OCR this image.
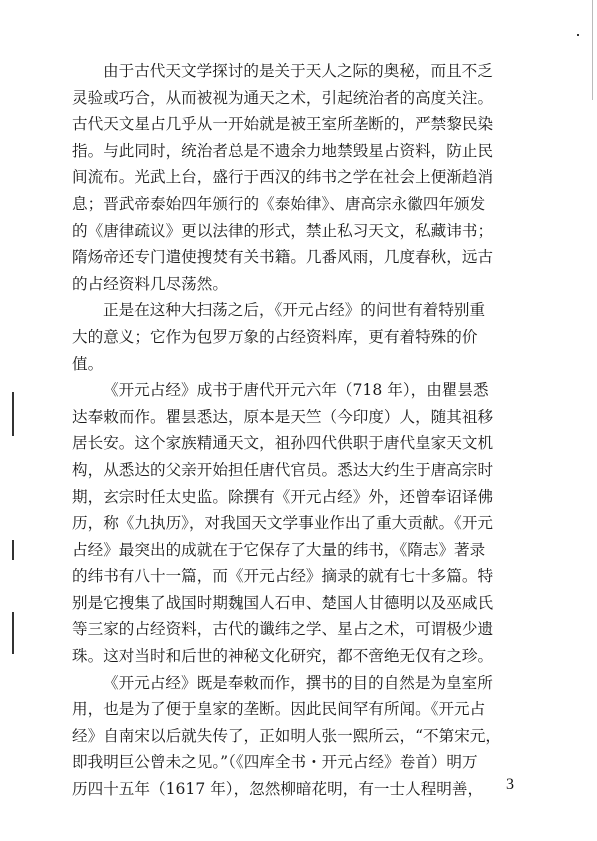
由于古代天文学探讨的是关于天人之际的奥秘，而且不乏
灵验或巧合，从而被视为通天之术，引起统治者的高度关注。
古代天文星占几乎从一开始就是被王室所垄断的，严禁黎民染
指。与此同时，统治者总是不遗余力地禁毁星占资料，防止民
间流布。光武上台，盛行于西汉的纬书之学在社会上便渐趋消
息；晋武帝泰始四年颁行的《泰始律》、唐高宗永徽四年颁发
的《唐律疏议》更以法律的形式，禁止私习天文，私藏讳书；
隋炀帝还专门遣使搜焚有关书籍。几番风雨，几度春秋，远古
的占经资料几尽荡然。

正是在这种大扫荡之后，《开元占经》的问世有着特别重
大的意义；它作为包罗万象的占经资料库，更有着特殊的价
值。

《开元占经》成书于唐代开元六年（718 年），由瞿昙悉
达奉敕而作。瞿昙悉达，原本是天竺（今印度）人，随其祖移
居长安。这个家族精通天文，祖孙四代供职于唐代皇家天文机
构，从悉达的父亲开始担任唐代官员。悉达大约生于唐高宗时
期，玄宗时任太史监。除撰有《开元占经》外，还曾奉诏译佛
历，称《九执历》，对我国天文学事业作出了重大贡献。《开元
占经》最突出的成就在于它保存了大量的纬书，《隋志》著录
的纬书有八十一篇，而《开元占经》摘录的就有七十多篇。特
别是它搜集了战国时期魏国人石申、楚国人甘德明以及巫咸氏
等三家的占经资料，古代的谶纬之学、星占之术，可谓极少遗
珠。这对当时和后世的神秘文化研究，都不啻绝无仅有之珍。

《开元占经》既是奉敕而作，撰书的目的自然是为皇室所
用，也是为了便于皇家的垄断。因此民间罕有所闻。《开元占
经》自南宋以后就失传了，正如明人张一熙所云，“不第宋元，
即我明巨公曾未之见。”（《四库全书・开元占经》卷首）明万
历四十五年（1617 年），忽然柳暗花明，有一士人程明善，	3
